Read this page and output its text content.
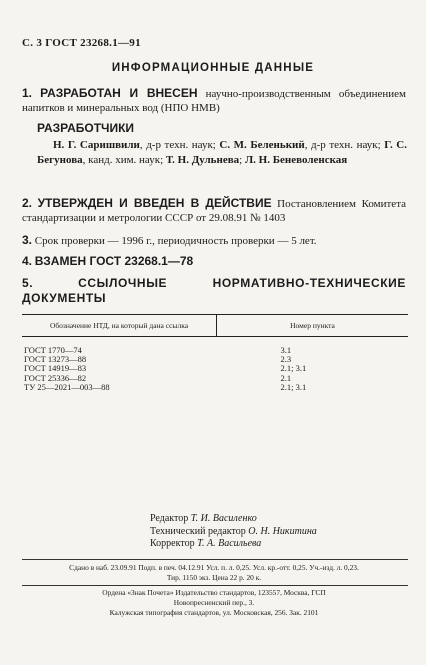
С. 3 ГОСТ 23268.1—91
ИНФОРМАЦИОННЫЕ ДАННЫЕ
1. РАЗРАБОТАН И ВНЕСЕН научно-производственным объединением напитков и минеральных вод (НПО НМВ)
РАЗРАБОТЧИКИ
Н. Г. Саришвили, д-р техн. наук; С. М. Беленький, д-р техн. наук; Г. С. Бегунова, канд. хим. наук; Т. Н. Дульнева; Л. Н. Беневоленская
2. УТВЕРЖДЕН И ВВЕДЕН В ДЕЙСТВИЕ Постановлением Комитета стандартизации и метрологии СССР от 29.08.91 № 1403
3. Срок проверки — 1996 г., периодичность проверки — 5 лет.
4. ВЗАМЕН ГОСТ 23268.1—78
5.	ССЫЛОЧНЫЕ НОРМАТИВНО-ТЕХНИЧЕСКИЕ ДОКУМЕНТЫ
Обозначение НТД, на который дана ссылка	Номер пункта
ГОСТ 1770—74	3.1
ГОСТ 13273—88	2.3
ГОСТ 14919—83	2.1; 3.1
ГОСТ 25336—82	2.1
ТУ 25—2021—003—88	2.1; 3.1
Редактор Т. И. Василенко
Технический редактор О. Н. Никитина
Корректор Т. А. Васильева
Сдано в наб. 23.09.91 Подп. в печ. 04.12.91 Усл. п. л. 0,25. Усл. кр.-отт. 0,25. Уч.-изд. л. 0,23.
Тир. 1150 экз. Цена 22 р. 20 к.
Ордена «Знак Почета» Издательство стандартов, 123557, Москва, ГСП
Новопресненский пер., 3.
Калужская типография стандартов, ул. Московская, 256. Зак. 2101
